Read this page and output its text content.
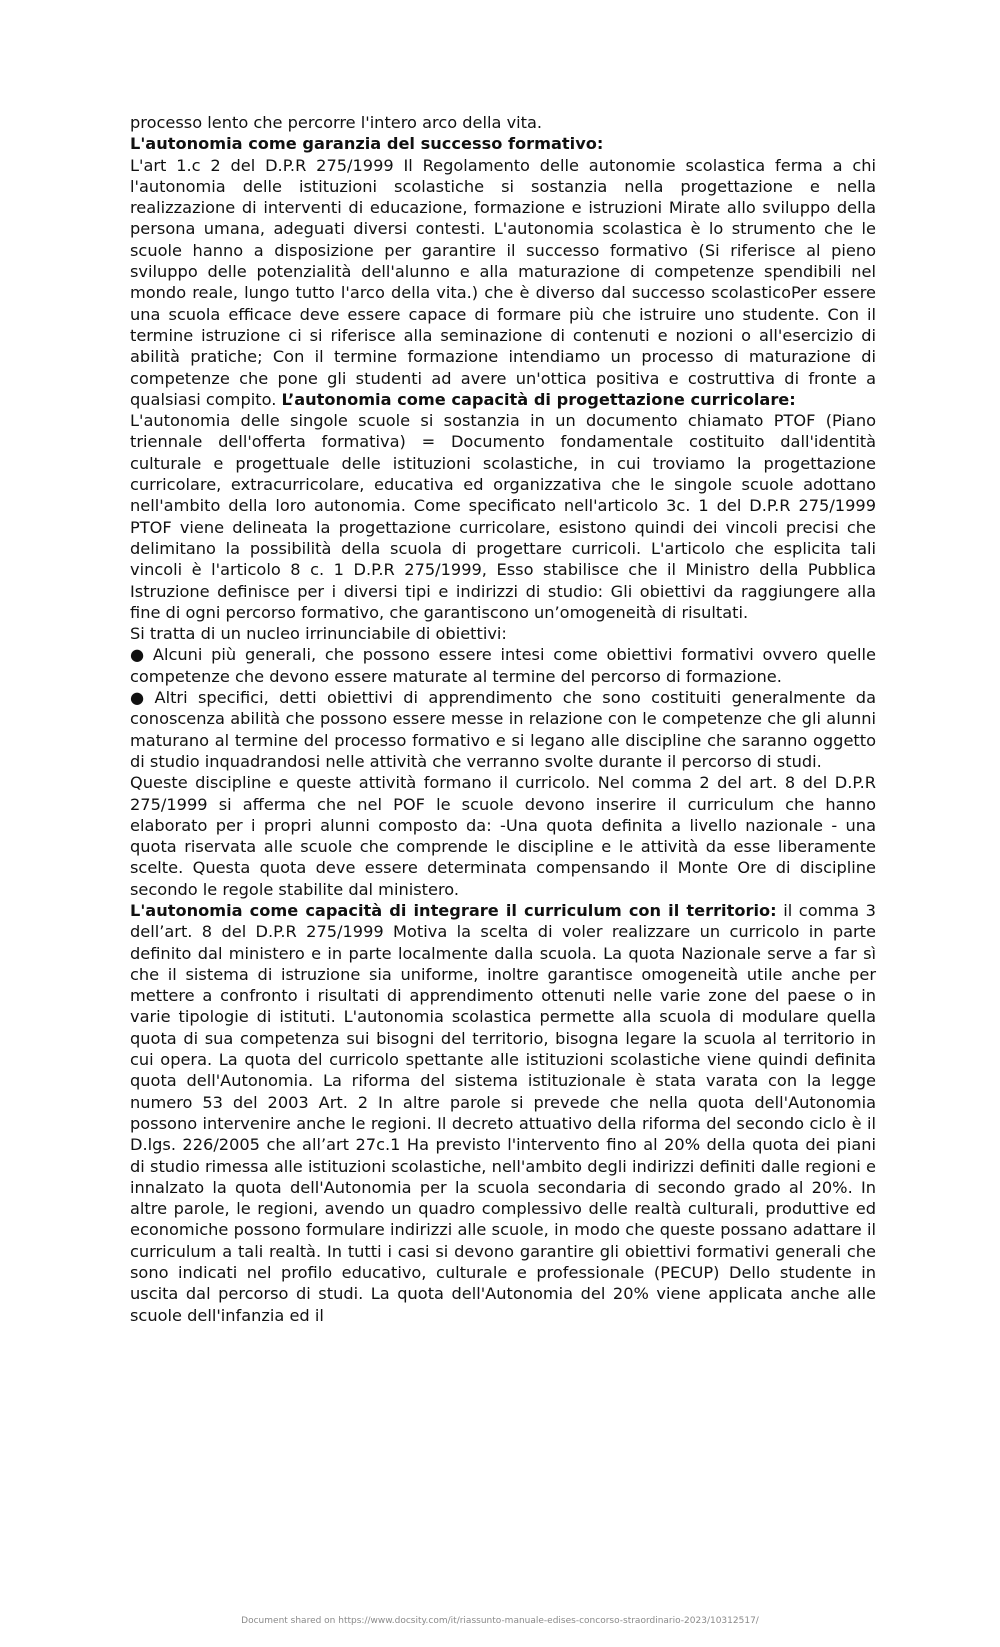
processo lento che percorre l'intero arco della vita.

L'autonomia come garanzia del successo formativo:

L'art 1.c 2 del D.P.R 275/1999 Il Regolamento delle autonomie scolastica ferma a chi l'autonomia delle istituzioni scolastiche si sostanzia nella progettazione e nella realizzazione di interventi di educazione, formazione e istruzioni Mirate allo sviluppo della persona umana, adeguati diversi contesti. L'autonomia scolastica è lo strumento che le scuole hanno a disposizione per garantire il successo formativo (Si riferisce al pieno sviluppo delle potenzialità dell'alunno e alla maturazione di competenze spendibili nel mondo reale, lungo tutto l'arco della vita.) che è diverso dal successo scolasticoPer essere una scuola efficace deve essere capace di formare più che istruire uno studente. Con il termine istruzione ci si riferisce alla seminazione di contenuti e nozioni o all'esercizio di abilità pratiche; Con il termine formazione intendiamo un processo di maturazione di competenze che pone gli studenti ad avere un'ottica positiva e costruttiva di fronte a qualsiasi compito. L’autonomia come capacità di progettazione curricolare:

L'autonomia delle singole scuole si sostanzia in un documento chiamato PTOF (Piano triennale dell'offerta formativa) = Documento fondamentale costituito dall'identità culturale e progettuale delle istituzioni scolastiche, in cui troviamo la progettazione curricolare, extracurricolare, educativa ed organizzativa che le singole scuole adottano nell'ambito della loro autonomia. Come specificato nell'articolo 3c. 1 del D.P.R 275/1999 PTOF viene delineata la progettazione curricolare, esistono quindi dei vincoli precisi che delimitano la possibilità della scuola di progettare curricoli. L'articolo che esplicita tali vincoli è l'articolo 8 c. 1 D.P.R 275/1999, Esso stabilisce che il Ministro della Pubblica Istruzione definisce per i diversi tipi e indirizzi di studio: Gli obiettivi da raggiungere alla fine di ogni percorso formativo, che garantiscono un’omogeneità di risultati.

Si tratta di un nucleo irrinunciabile di obiettivi:

● Alcuni più generali, che possono essere intesi come obiettivi formativi ovvero quelle competenze che devono essere maturate al termine del percorso di formazione.

● Altri specifici, detti obiettivi di apprendimento che sono costituiti generalmente da conoscenza abilità che possono essere messe in relazione con le competenze che gli alunni maturano al termine del processo formativo e si legano alle discipline che saranno oggetto di studio inquadrandosi nelle attività che verranno svolte durante il percorso di studi.

Queste discipline e queste attività formano il curricolo. Nel comma 2 del art. 8 del D.P.R 275/1999 si afferma che nel POF le scuole devono inserire il curriculum che hanno elaborato per i propri alunni composto da: -Una quota definita a livello nazionale - una quota riservata alle scuole che comprende le discipline e le attività da esse liberamente scelte. Questa quota deve essere determinata compensando il Monte Ore di discipline secondo le regole stabilite dal ministero.

L'autonomia come capacità di integrare il curriculum con il territorio: il comma 3 dell’art. 8 del D.P.R 275/1999 Motiva la scelta di voler realizzare un curricolo in parte definito dal ministero e in parte localmente dalla scuola. La quota Nazionale serve a far sì che il sistema di istruzione sia uniforme, inoltre garantisce omogeneità utile anche per mettere a confronto i risultati di apprendimento ottenuti nelle varie zone del paese o in varie tipologie di istituti. L'autonomia scolastica permette alla scuola di modulare quella quota di sua competenza sui bisogni del territorio, bisogna legare la scuola al territorio in cui opera. La quota del curricolo spettante alle istituzioni scolastiche viene quindi definita quota dell'Autonomia. La riforma del sistema istituzionale è stata varata con la legge numero 53 del 2003 Art. 2 In altre parole si prevede che nella quota dell'Autonomia possono intervenire anche le regioni. Il decreto attuativo della riforma del secondo ciclo è il D.lgs. 226/2005 che all’art 27c.1 Ha previsto l'intervento fino al 20% della quota dei piani di studio rimessa alle istituzioni scolastiche, nell'ambito degli indirizzi definiti dalle regioni e innalzato la quota dell'Autonomia per la scuola secondaria di secondo grado al 20%. In altre parole, le regioni, avendo un quadro complessivo delle realtà culturali, produttive ed economiche possono formulare indirizzi alle scuole, in modo che queste possano adattare il curriculum a tali realtà. In tutti i casi si devono garantire gli obiettivi formativi generali che sono indicati nel profilo educativo, culturale e professionale (PECUP) Dello studente in uscita dal percorso di studi. La quota dell'Autonomia del 20% viene applicata anche alle scuole dell'infanzia ed il

Document shared on https://www.docsity.com/it/riassunto-manuale-edises-concorso-straordinario-2023/10312517/
